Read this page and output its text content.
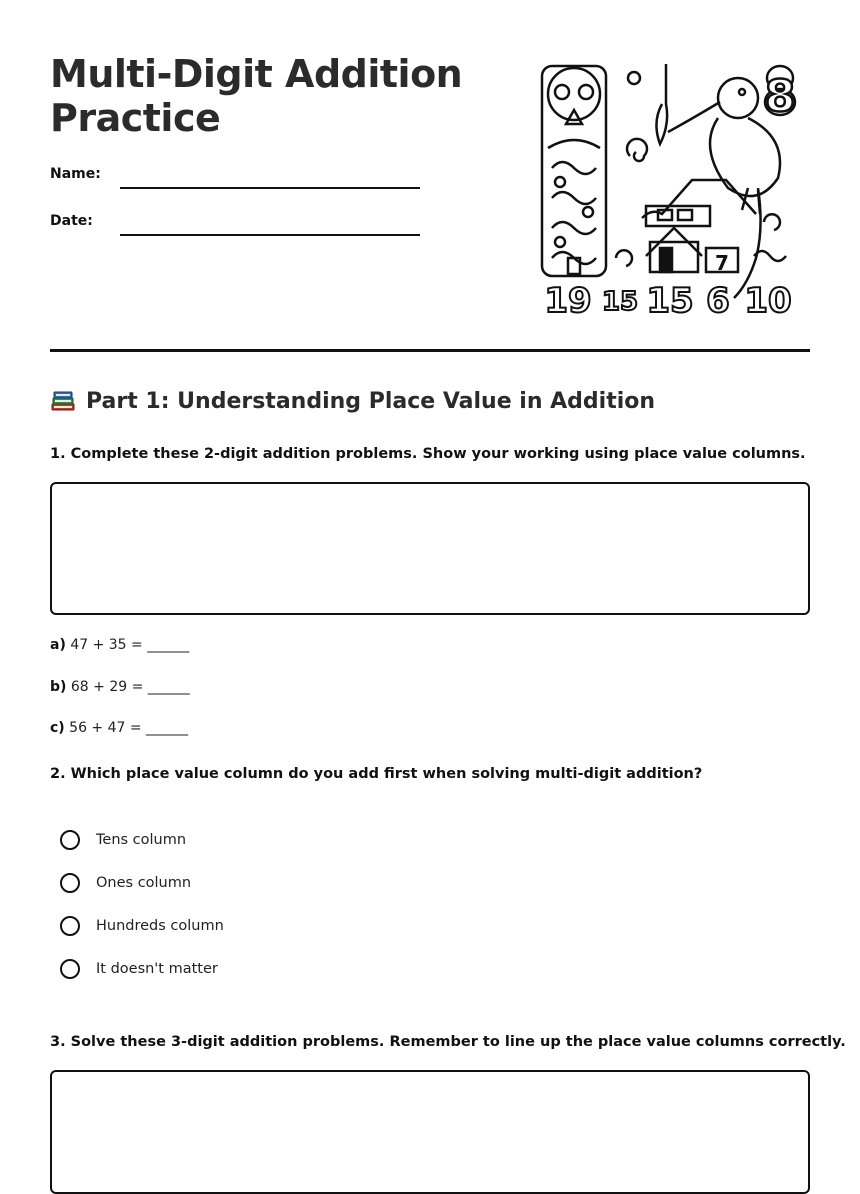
Multi-Digit Addition
Practice
Name:
Date:
7
8
19 15 15 6 10
Part 1: Understanding Place Value in Addition

1. Complete these 2-digit addition problems. Show your working using place value columns.

a) 47 + 35 = ______
b) 68 + 29 = ______
c) 56 + 47 = ______

2. Which place value column do you add first when solving multi-digit addition?

Tens column
Ones column
Hundreds column
It doesn't matter

3. Solve these 3-digit addition problems. Remember to line up the place value columns correctly.
